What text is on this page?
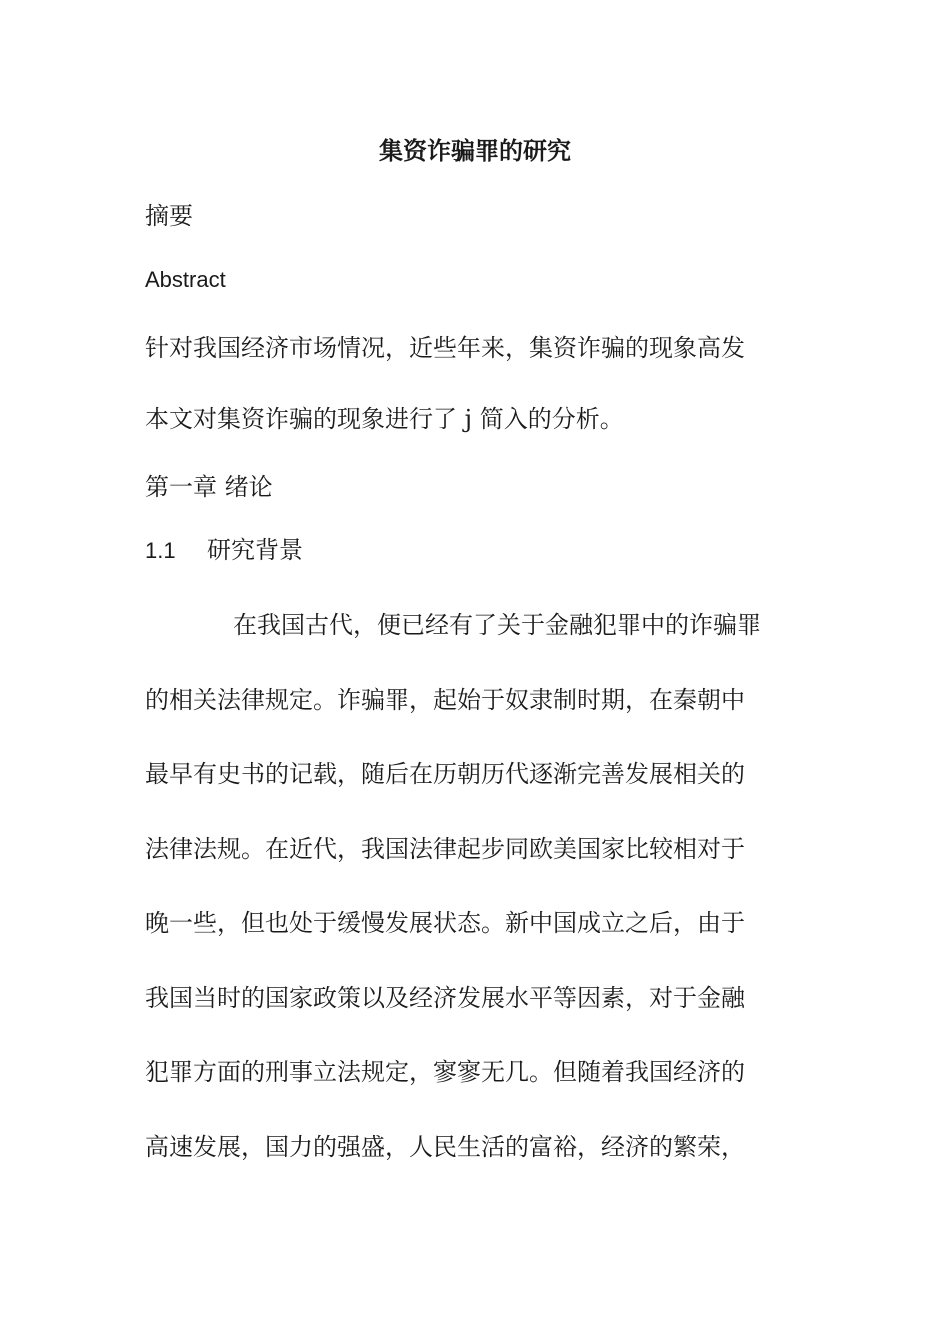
集资诈骗罪的研究
摘要
Abstract
针对我国经济市场情况，近些年来，集资诈骗的现象高发
本文对集资诈骗的现象进行了 j 简入的分析。
第一章 绪论
1.1 研究背景
在我国古代，便已经有了关于金融犯罪中的诈骗罪
的相关法律规定。诈骗罪，起始于奴隶制时期，在秦朝中
最早有史书的记载，随后在历朝历代逐渐完善发展相关的
法律法规。在近代，我国法律起步同欧美国家比较相对于
晚一些，但也处于缓慢发展状态。新中国成立之后，由于
我国当时的国家政策以及经济发展水平等因素，对于金融
犯罪方面的刑事立法规定，寥寥无几。但随着我国经济的
高速发展，国力的强盛，人民生活的富裕，经济的繁荣，
